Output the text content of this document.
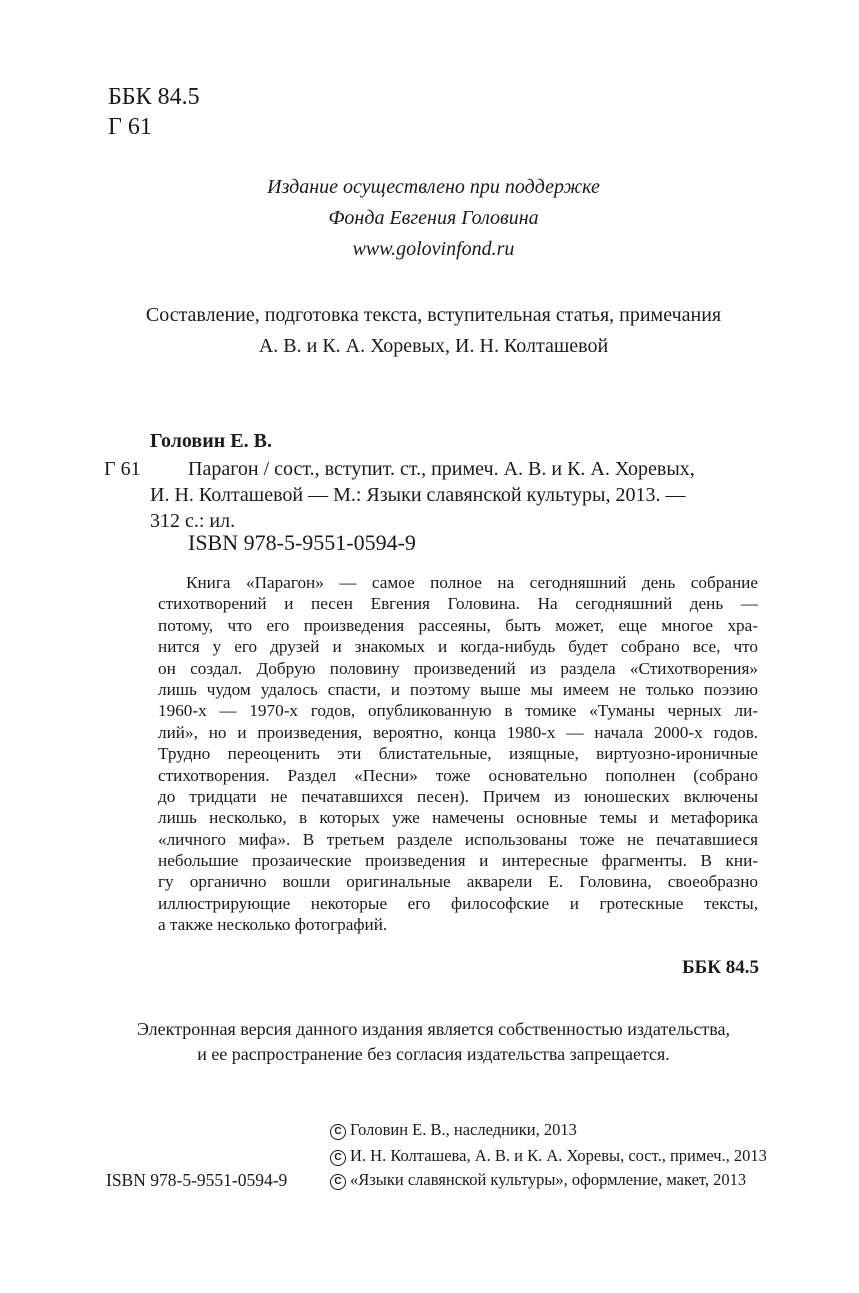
ББК 84.5
Г 61
Издание осуществлено при поддержке
Фонда Евгения Головина
www.golovinfond.ru
Составление, подготовка текста, вступительная статья, примечания
А. В. и К. А. Хоревых, И. Н. Колташевой
Головин Е. В.
Г 61 Парагон / сост., вступит. ст., примеч. А. В. и К. А. Хоревых,
И. Н. Колташевой — М.: Языки славянской культуры, 2013. —
312 с.: ил.
ISBN 978-5-9551-0594-9
Книга «Парагон» — самое полное на сегодняшний день собрание
стихотворений и песен Евгения Головина. На сегодняшний день —
потому, что его произведения рассеяны, быть может, еще многое хра-
нится у его друзей и знакомых и когда-нибудь будет собрано все, что
он создал. Добрую половину произведений из раздела «Стихотворения»
лишь чудом удалось спасти, и поэтому выше мы имеем не только поэзию
1960-х — 1970-х годов, опубликованную в томике «Туманы черных ли-
лий», но и произведения, вероятно, конца 1980-х — начала 2000-х годов.
Трудно переоценить эти блистательные, изящные, виртуозно-ироничные
стихотворения. Раздел «Песни» тоже основательно пополнен (собрано
до тридцати не печатавшихся песен). Причем из юношеских включены
лишь несколько, в которых уже намечены основные темы и метафорика
«личного мифа». В третьем разделе использованы тоже не печатавшиеся
небольшие прозаические произведения и интересные фрагменты. В кни-
гу органично вошли оригинальные акварели Е. Головина, своеобразно
иллюстрирующие некоторые его философские и гротескные тексты,
а также несколько фотографий.
ББК 84.5
Электронная версия данного издания является собственностью издательства,
и ее распространение без согласия издательства запрещается.
C Головин Е. В., наследники, 2013
C И. Н. Колташева, А. В. и К. А. Хоревы, сост., примеч., 2013
C «Языки славянской культуры», оформление, макет, 2013
ISBN 978-5-9551-0594-9
